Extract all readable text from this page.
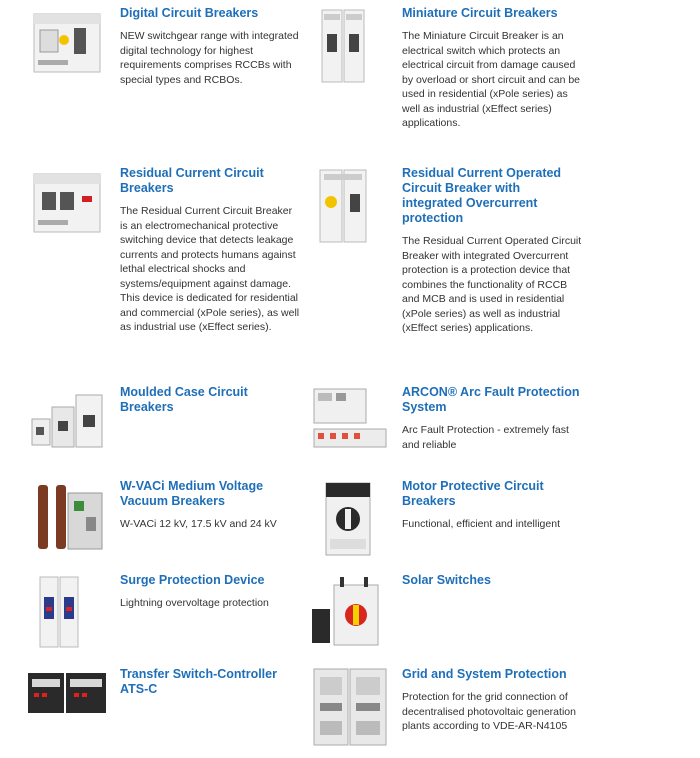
Digital Circuit Breakers

NEW switchgear range with integrated digital technology for highest requirements comprises RCCBs with special types and RCBOs.

Miniature Circuit Breakers

The Miniature Circuit Breaker is an electrical switch which protects an electrical circuit from damage caused by overload or short circuit and can be used in residential (xPole series) as well as industrial (xEffect series) applications.

Residual Current Circuit Breakers

The Residual Current Circuit Breaker is an electromechanical protective switching device that detects leakage currents and protects humans against lethal electrical shocks and systems/equipment against damage. This device is dedicated for residential and commercial (xPole series), as well as industrial use (xEffect series).

Residual Current Operated Circuit Breaker with integrated Overcurrent protection

The Residual Current Operated Circuit Breaker with integrated Overcurrent protection is a protection device that combines the functionality of RCCB and MCB and is used in residential (xPole series) as well as industrial (xEffect series) applications.

Moulded Case Circuit Breakers

ARCON® Arc Fault Protection System

Arc Fault Protection - extremely fast and reliable

W-VACi Medium Voltage Vacuum Breakers

W-VACi 12 kV, 17.5 kV and 24 kV

Motor Protective Circuit Breakers

Functional, efficient and intelligent

Surge Protection Device

Lightning overvoltage protection

Solar Switches

Transfer Switch-Controller ATS-C

Grid and System Protection

Protection for the grid connection of decentralised photovoltaic generation plants according to VDE-AR-N4105
